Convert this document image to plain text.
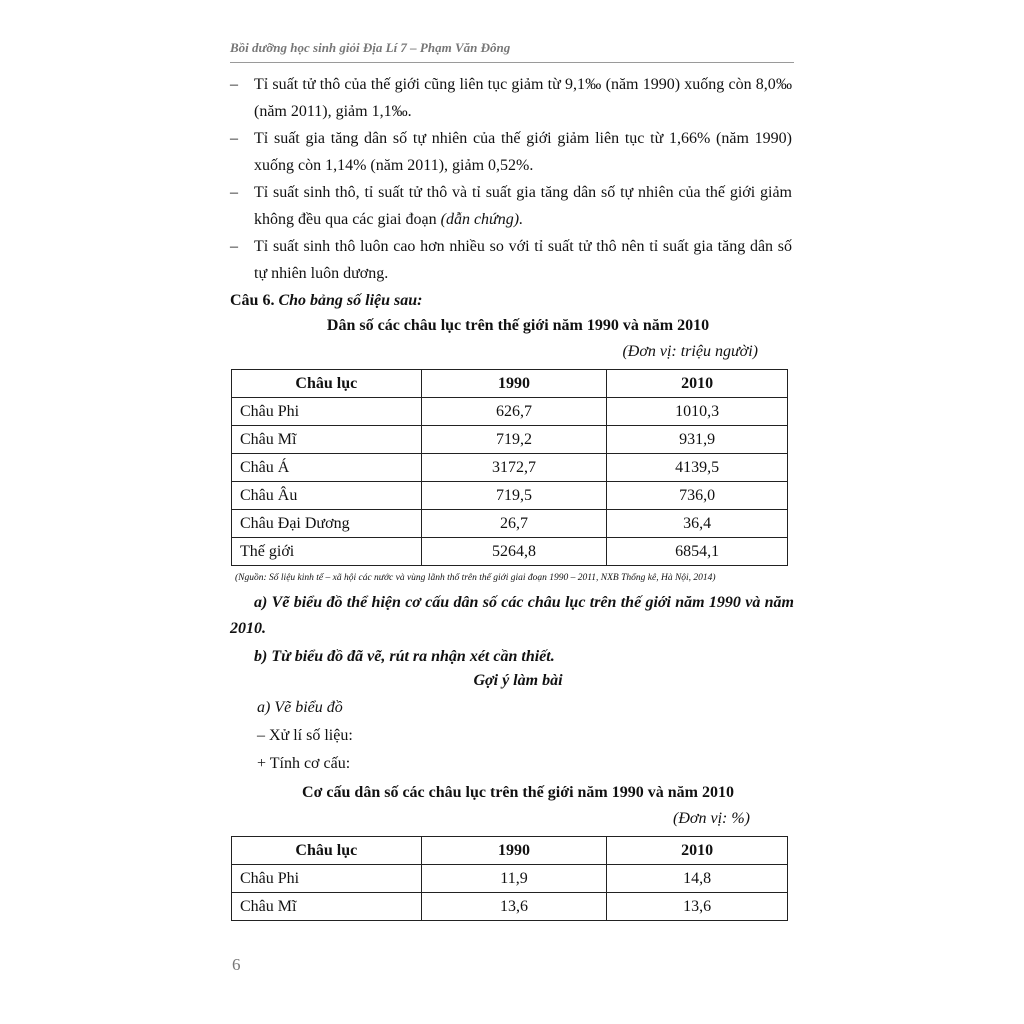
Bồi dưỡng học sinh giỏi Địa Lí 7 – Phạm Văn Đông
– Tỉ suất tử thô của thế giới cũng liên tục giảm từ 9,1‰ (năm 1990) xuống còn 8,0‰ (năm 2011), giảm 1,1‰.
– Tỉ suất gia tăng dân số tự nhiên của thế giới giảm liên tục từ 1,66% (năm 1990) xuống còn 1,14% (năm 2011), giảm 0,52%.
– Tỉ suất sinh thô, tỉ suất tử thô và tỉ suất gia tăng dân số tự nhiên của thế giới giảm không đều qua các giai đoạn (dẫn chứng).
– Tỉ suất sinh thô luôn cao hơn nhiều so với tỉ suất tử thô nên tỉ suất gia tăng dân số tự nhiên luôn dương.
Câu 6. Cho bảng số liệu sau:
Dân số các châu lục trên thế giới năm 1990 và năm 2010
(Đơn vị: triệu người)
Châu lục	1990	2010
Châu Phi	626,7	1010,3
Châu Mĩ	719,2	931,9
Châu Á	3172,7	4139,5
Châu Âu	719,5	736,0
Châu Đại Dương	26,7	36,4
Thế giới	5264,8	6854,1
(Nguồn: Số liệu kinh tế – xã hội các nước và vùng lãnh thổ trên thế giới giai đoạn 1990 – 2011, NXB Thống kê, Hà Nội, 2014)
a) Vẽ biểu đồ thể hiện cơ cấu dân số các châu lục trên thế giới năm 1990 và năm 2010.
b) Từ biểu đồ đã vẽ, rút ra nhận xét cần thiết.
Gợi ý làm bài
a) Vẽ biểu đồ
– Xử lí số liệu:
+ Tính cơ cấu:
Cơ cấu dân số các châu lục trên thế giới năm 1990 và năm 2010
(Đơn vị: %)
Châu lục	1990	2010
Châu Phi	11,9	14,8
Châu Mĩ	13,6	13,6
6
